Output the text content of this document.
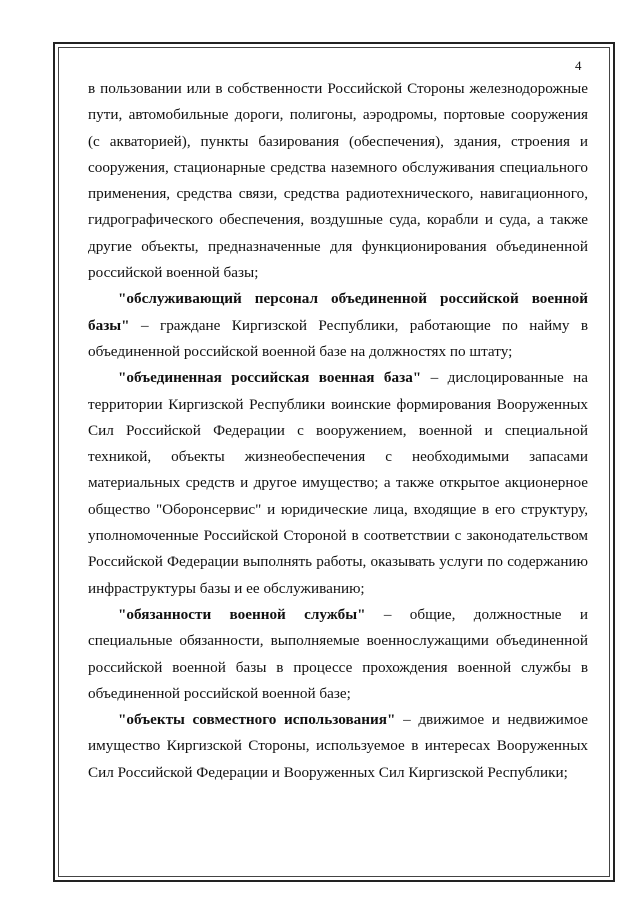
4

в пользовании или в собственности Российской Стороны железнодорожные пути, автомобильные дороги, полигоны, аэродромы, портовые сооружения (с акваторией), пункты базирования (обеспечения), здания, строения и сооружения, стационарные средства наземного обслуживания специального применения, средства связи, средства радиотехнического, навигационного, гидрографического обеспечения, воздушные суда, корабли и суда, а также другие объекты, предназначенные для функционирования объединенной российской военной базы;

"обслуживающий персонал объединенной российской военной базы" – граждане Киргизской Республики, работающие по найму в объединенной российской военной базе на должностях по штату;

"объединенная российская военная база" – дислоцированные на территории Киргизской Республики воинские формирования Вооруженных Сил Российской Федерации с вооружением, военной и специальной техникой, объекты жизнеобеспечения с необходимыми запасами материальных средств и другое имущество; а также открытое акционерное общество "Оборонсервис" и юридические лица, входящие в его структуру, уполномоченные Российской Стороной в соответствии с законодательством Российской Федерации выполнять работы, оказывать услуги по содержанию инфраструктуры базы и ее обслуживанию;

"обязанности военной службы" – общие, должностные и специальные обязанности, выполняемые военнослужащими объединенной российской военной базы в процессе прохождения военной службы в объединенной российской военной базе;

"объекты совместного использования" – движимое и недвижимое имущество Киргизской Стороны, используемое в интересах Вооруженных Сил Российской Федерации и Вооруженных Сил Киргизской Республики;
